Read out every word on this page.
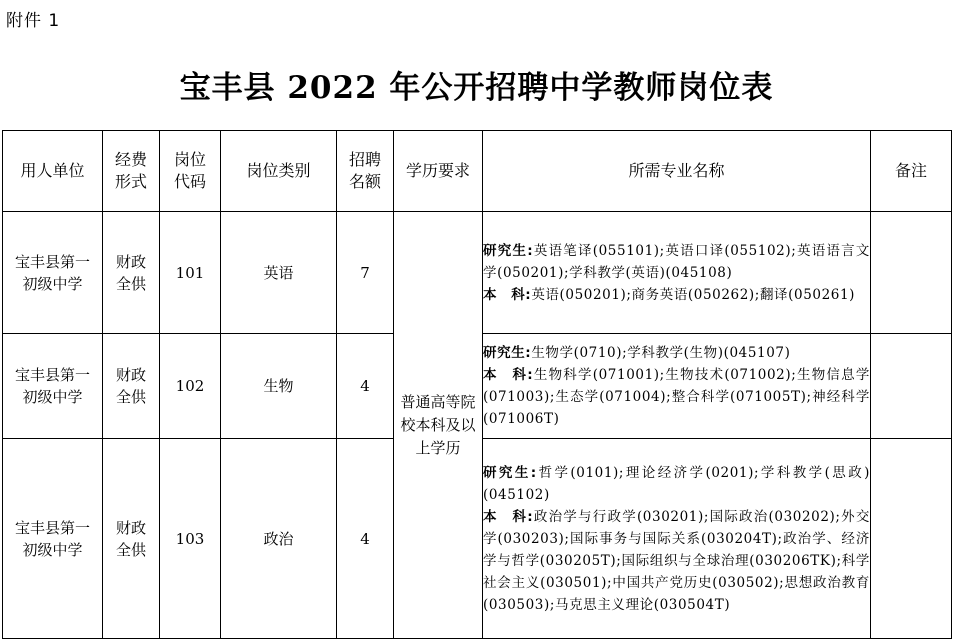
附件 1
宝丰县 2022 年公开招聘中学教师岗位表
用人单位	经费形式	岗位代码	岗位类别	招聘名额	学历要求	所需专业名称	备注

宝丰县第一初级中学	财政全供	101	英语	7	普通高等院校本科及以上学历	研究生:英语笔译(055101);英语口译(055102);英语语言文学(050201);学科教学(英语)(045108)
本　科:英语(050201);商务英语(050262);翻译(050261)	

宝丰县第一初级中学	财政全供	102	生物	4		研究生:生物学(0710);学科教学(生物)(045107)
本　科:生物科学(071001);生物技术(071002);生物信息学(071003);生态学(071004);整合科学(071005T);神经科学(071006T)	

宝丰县第一初级中学	财政全供	103	政治	4		研究生:哲学(0101);理论经济学(0201);学科教学(思政)(045102)
本　科:政治学与行政学(030201);国际政治(030202);外交学(030203);国际事务与国际关系(030204T);政治学、经济学与哲学(030205T);国际组织与全球治理(030206TK);科学社会主义(030501);中国共产党历史(030502);思想政治教育(030503);马克思主义理论(030504T)	
